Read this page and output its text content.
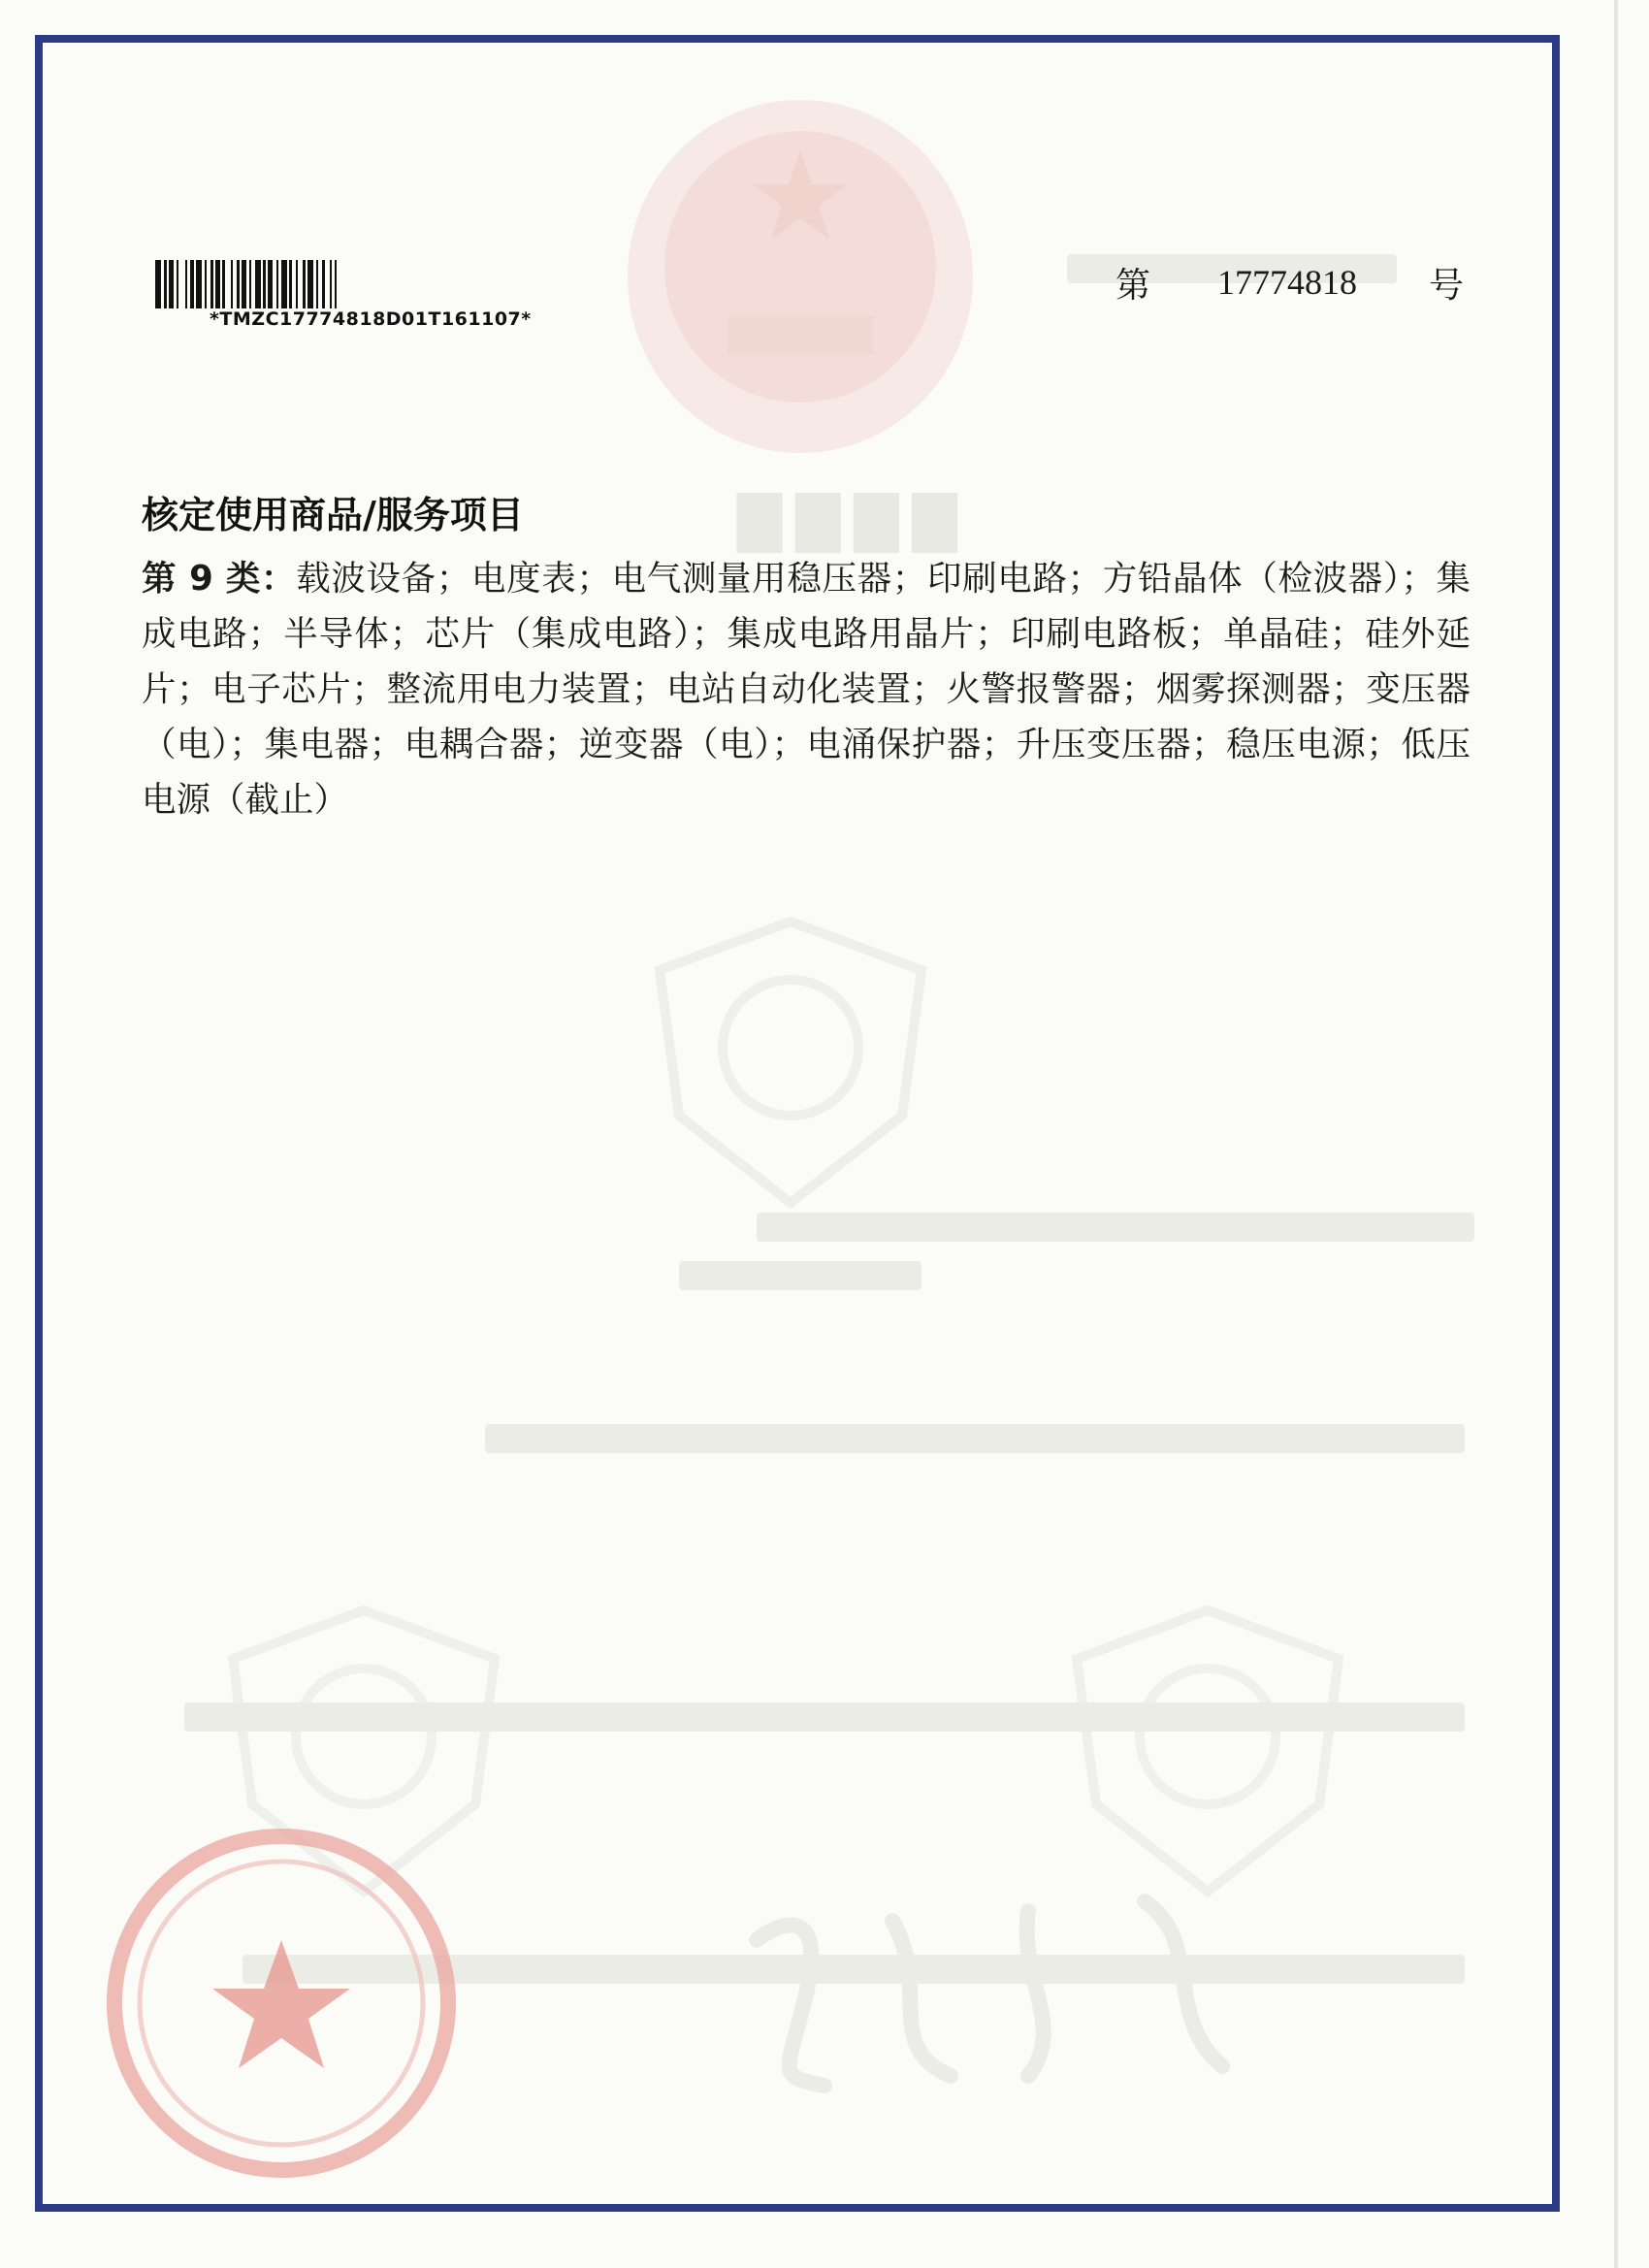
▇▇▇▇
*TMZC17774818D01T161107*
第 17774818 号
核定使用商品/服务项目
第 9 类：载波设备；电度表；电气测量用稳压器；印刷电路；方铅晶体（检波器）；集成电路；半导体；芯片（集成电路）；集成电路用晶片；印刷电路板；单晶硅；硅外延片；电子芯片；整流用电力装置；电站自动化装置；火警报警器；烟雾探测器；变压器（电）；集电器；电耦合器；逆变器（电）；电涌保护器；升压变压器；稳压电源；低压电源（截止）
